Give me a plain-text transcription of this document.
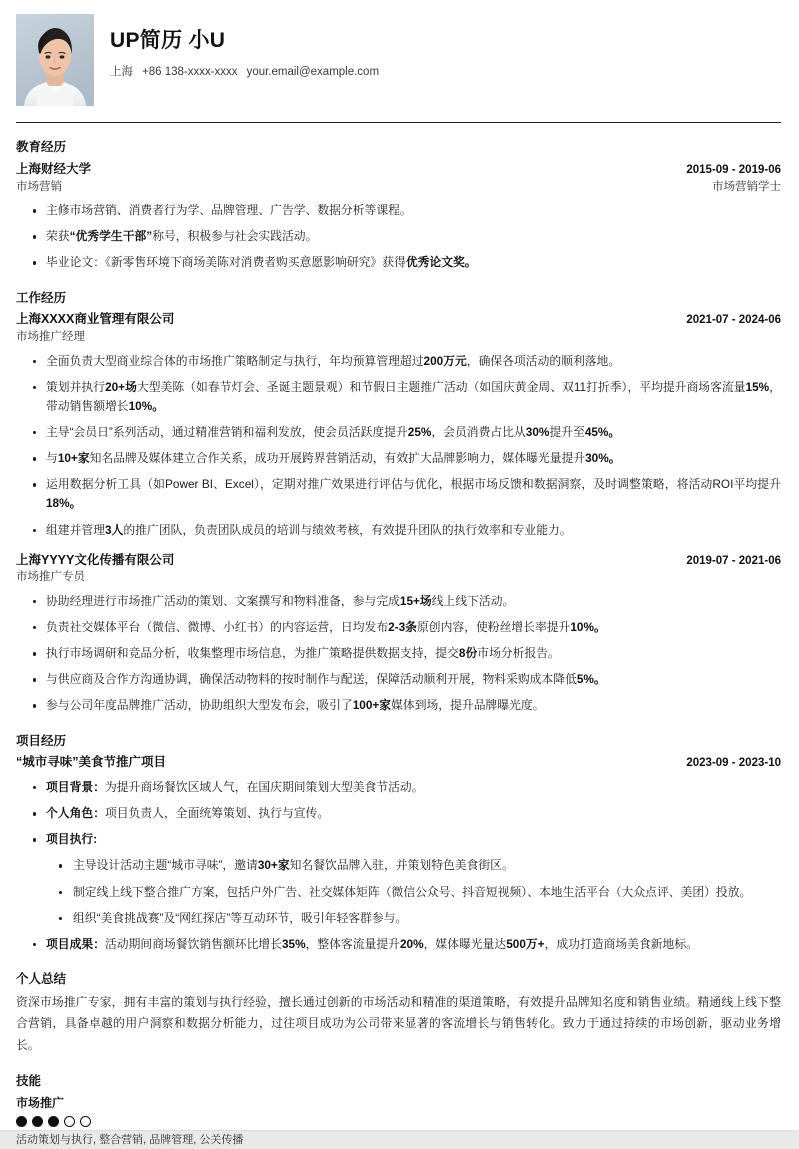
UP简历 小U
上海 +86 138-xxxx-xxxx your.email@example.com
教育经历
上海财经大学	2015-09 - 2019-06
市场营销	市场营销学士
主修市场营销、消费者行为学、品牌管理、广告学、数据分析等课程。
荣获“优秀学生干部”称号，积极参与社会实践活动。
毕业论文：《新零售环境下商场美陈对消费者购买意愿影响研究》获得优秀论文奖。
工作经历
上海XXXX商业管理有限公司	2021-07 - 2024-06
市场推广经理
全面负责大型商业综合体的市场推广策略制定与执行，年均预算管理超过200万元，确保各项活动的顺利落地。
策划并执行20+场大型美陈（如春节灯会、圣诞主题景观）和节假日主题推广活动（如国庆黄金周、双11打折季），平均提升商场客流量15%，带动销售额增长10%。
主导“会员日”系列活动，通过精准营销和福利发放，使会员活跃度提升25%，会员消费占比从30%提升至45%。
与10+家知名品牌及媒体建立合作关系，成功开展跨界营销活动，有效扩大品牌影响力，媒体曝光量提升30%。
运用数据分析工具（如Power BI、Excel），定期对推广效果进行评估与优化，根据市场反馈和数据洞察，及时调整策略，将活动ROI平均提升18%。
组建并管理3人的推广团队，负责团队成员的培训与绩效考核，有效提升团队的执行效率和专业能力。
上海YYYY文化传播有限公司	2019-07 - 2021-06
市场推广专员
协助经理进行市场推广活动的策划、文案撰写和物料准备，参与完成15+场线上线下活动。
负责社交媒体平台（微信、微博、小红书）的内容运营，日均发布2-3条原创内容，使粉丝增长率提升10%。
执行市场调研和竞品分析，收集整理市场信息，为推广策略提供数据支持，提交8份市场分析报告。
与供应商及合作方沟通协调，确保活动物料的按时制作与配送，保障活动顺利开展，物料采购成本降低5%。
参与公司年度品牌推广活动，协助组织大型发布会，吸引了100+家媒体到场，提升品牌曝光度。
项目经历
“城市寻味”美食节推广项目	2023-09 - 2023-10
项目背景：为提升商场餐饮区域人气，在国庆期间策划大型美食节活动。
个人角色：项目负责人，全面统筹策划、执行与宣传。
项目执行:
主导设计活动主题“城市寻味”，邀请30+家知名餐饮品牌入驻，并策划特色美食街区。
制定线上线下整合推广方案，包括户外广告、社交媒体矩阵（微信公众号、抖音短视频）、本地生活平台（大众点评、美团）投放。
组织“美食挑战赛”及“网红探店”等互动环节，吸引年轻客群参与。
项目成果：活动期间商场餐饮销售额环比增长35%，整体客流量提升20%，媒体曝光量达500万+，成功打造商场美食新地标。
个人总结

资深市场推广专家，拥有丰富的策划与执行经验，擅长通过创新的市场活动和精准的渠道策略，有效提升品牌知名度和销售业绩。精通线上线下整合营销，具备卓越的用户洞察和数据分析能力，过往项目成功为公司带来显著的客流增长与销售转化。致力于通过持续的市场创新，驱动业务增长。

技能
市场推广
活动策划与执行, 整合营销, 品牌管理, 公关传播
